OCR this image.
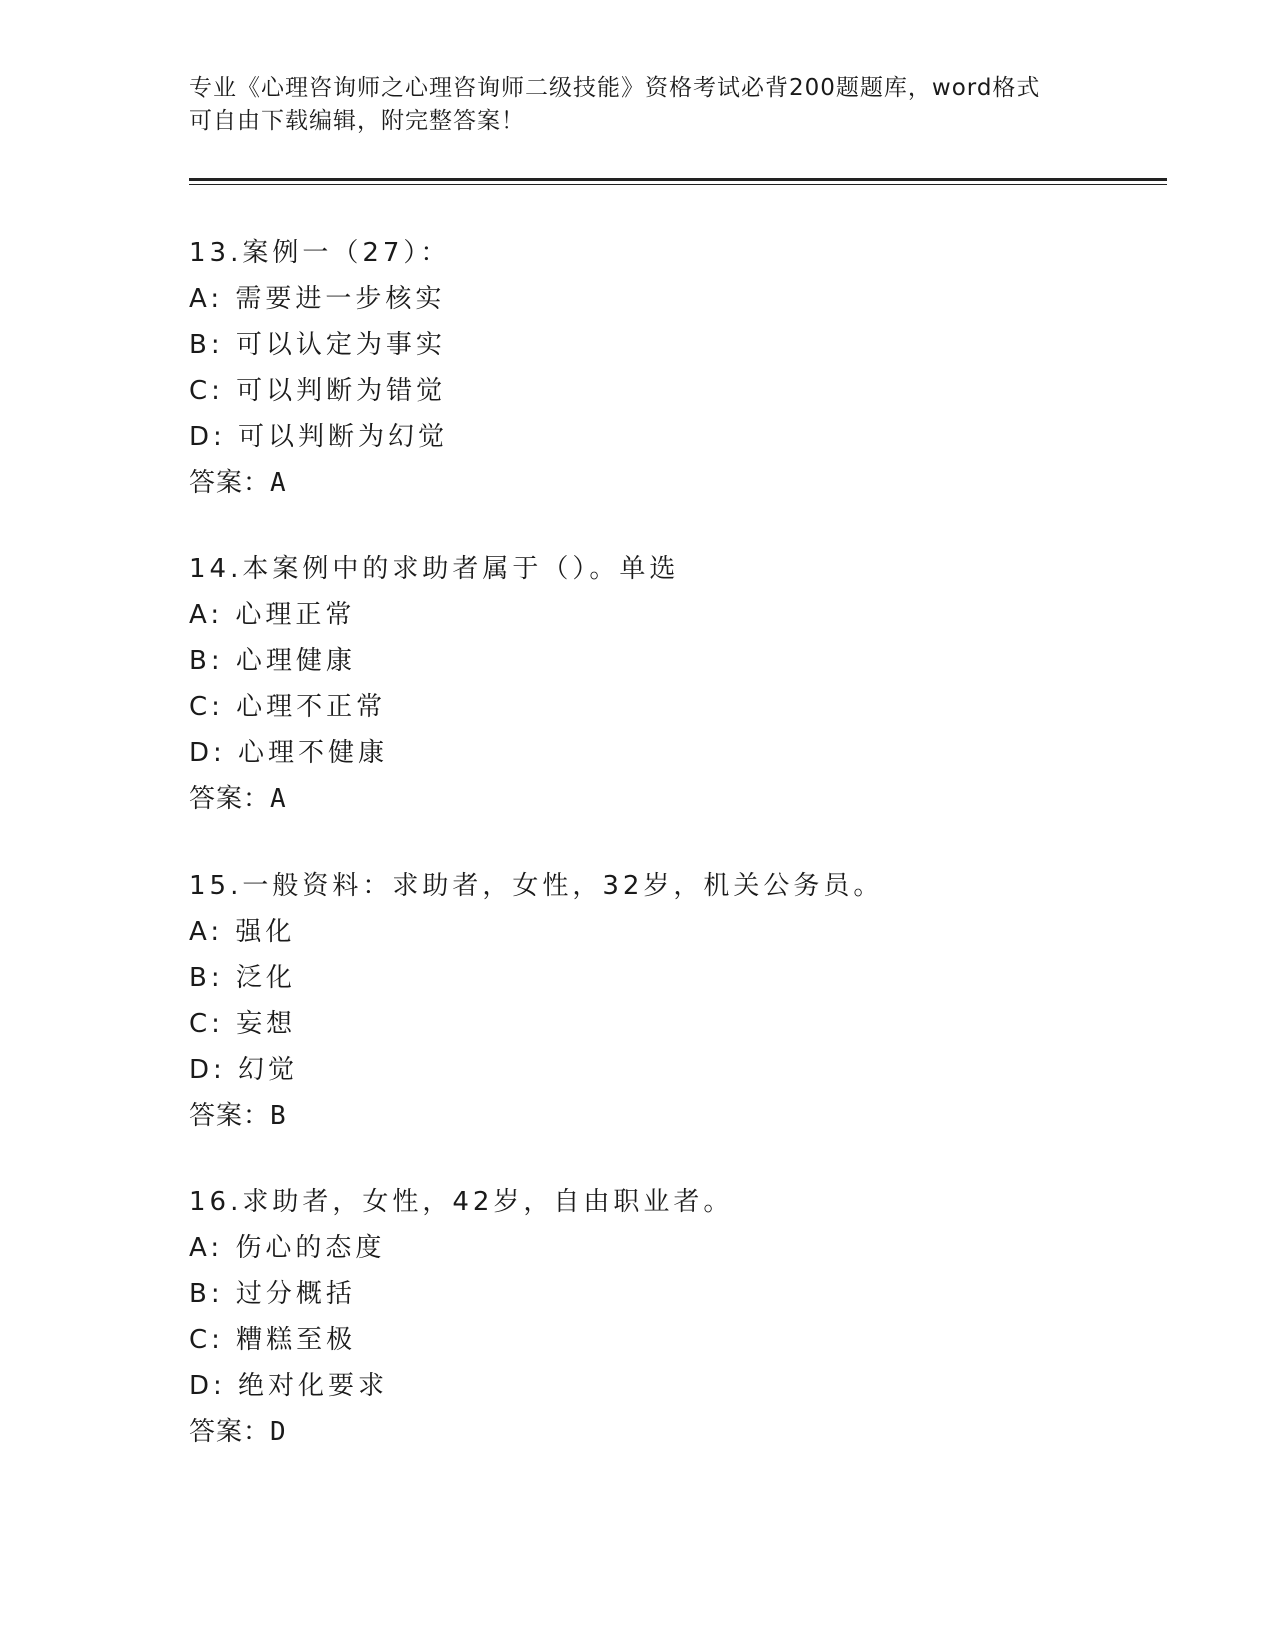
专业《心理咨询师之心理咨询师二级技能》资格考试必背200题题库，word格式
可自由下载编辑，附完整答案！
13.案例一（27）：
A: 需要进一步核实
B: 可以认定为事实
C: 可以判断为错觉
D: 可以判断为幻觉
答案：A
14.本案例中的求助者属于（）。单选
A: 心理正常
B: 心理健康
C: 心理不正常
D: 心理不健康
答案：A
15.一般资料：求助者，女性，32岁，机关公务员。
A: 强化
B: 泛化
C: 妄想
D: 幻觉
答案：B
16.求助者，女性，42岁，自由职业者。
A: 伤心的态度
B: 过分概括
C: 糟糕至极
D: 绝对化要求
答案：D
